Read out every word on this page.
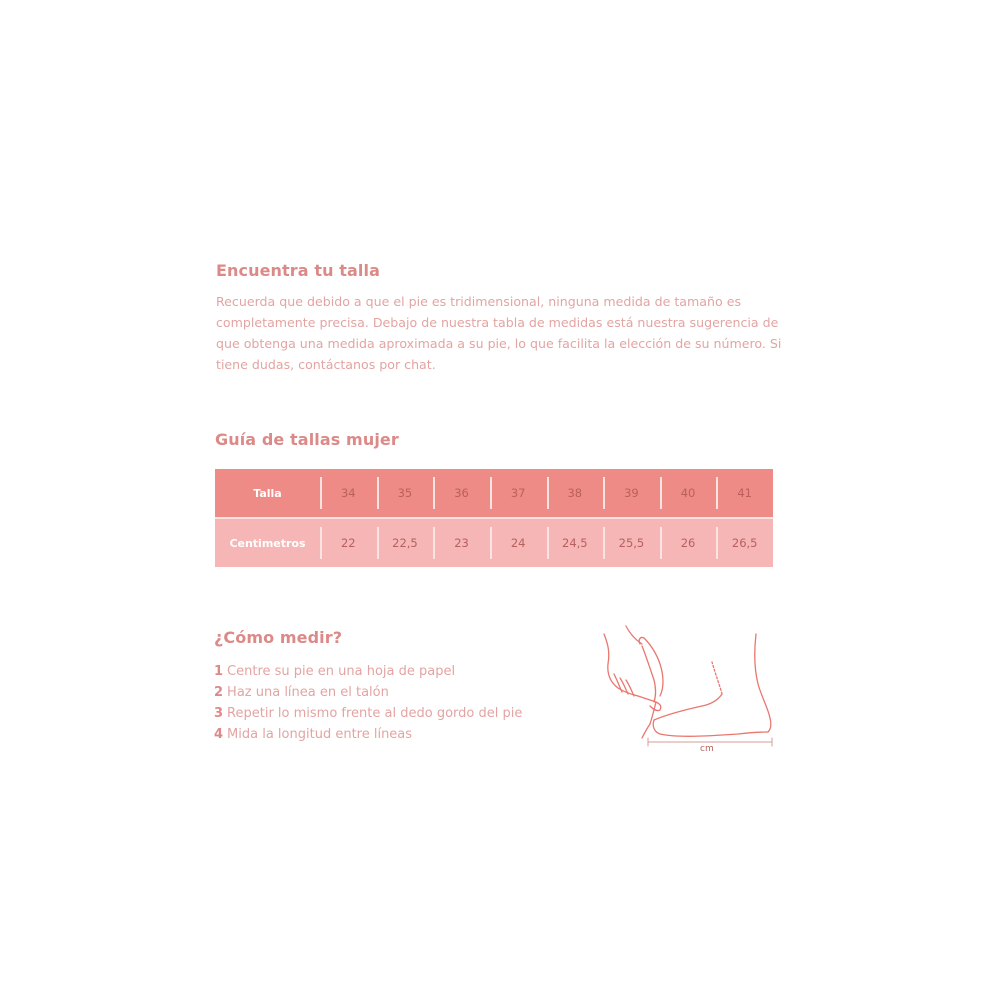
Encuentra tu talla

Recuerda que debido a que el pie es tridimensional, ninguna medida de tamaño es completamente precisa. Debajo de nuestra tabla de medidas está nuestra sugerencia de que obtenga una medida aproximada a su pie, lo que facilita la elección de su número. Si tiene dudas, contáctanos por chat.

Guía de tallas mujer
Talla	34	35	36	37	38	39	40	41
Centimetros	22	22,5	23	24	24,5	25,5	26	26,5
¿Cómo medir?
1 Centre su pie en una hoja de papel
2 Haz una línea en el talón
3 Repetir lo mismo frente al dedo gordo del pie
4 Mida la longitud entre líneas
cm
